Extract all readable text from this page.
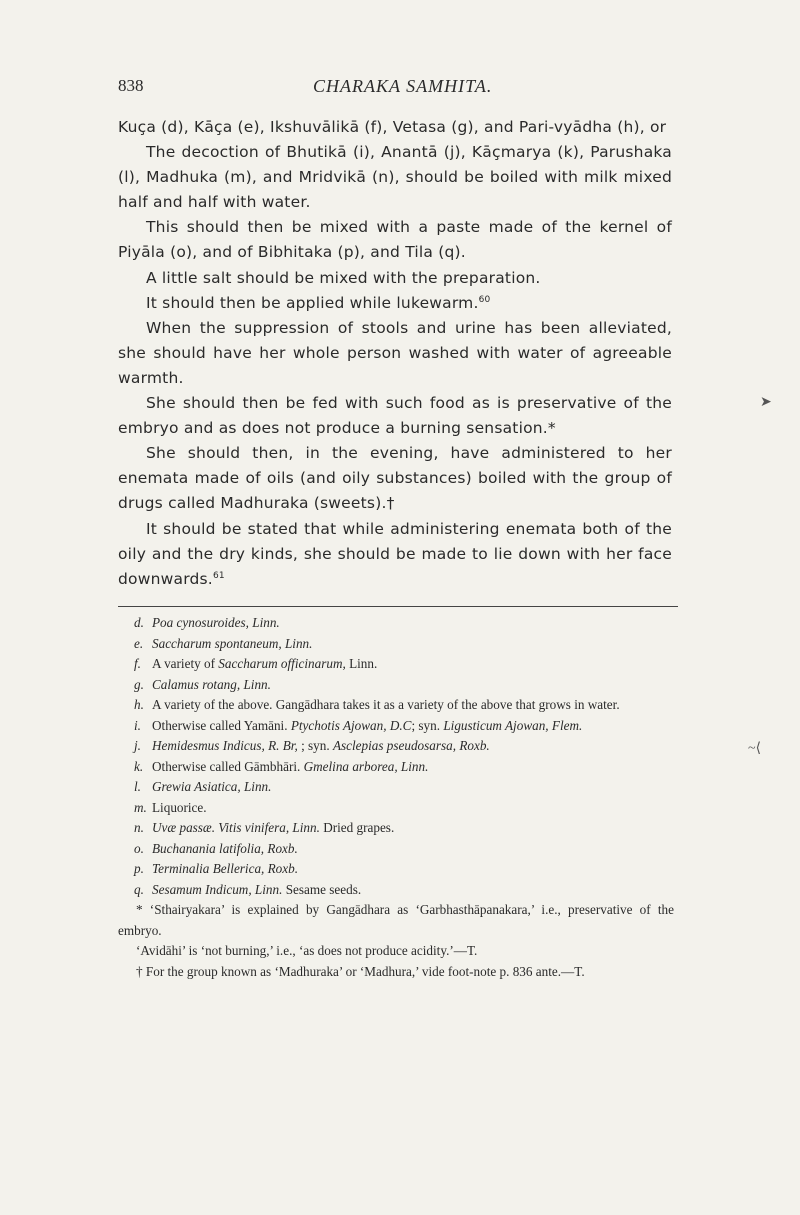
838	CHARAKA SAMHITA.

Kuça (d), Kāça (e), Ikshuvālikā (f), Vetasa (g), and Pari-vyādha (h), or

The decoction of Bhutikā (i), Anantā (j), Kāçmarya (k), Parushaka (l), Madhuka (m), and Mridvikā (n), should be boiled with milk mixed half and half with water.

This should then be mixed with a paste made of the kernel of Piyāla (o), and of Bibhitaka (p), and Tila (q).

A little salt should be mixed with the preparation.

It should then be applied while lukewarm.$^{60}$

When the suppression of stools and urine has been alleviated, she should have her whole person washed with water of agreeable warmth.

She should then be fed with such food as is preservative of the embryo and as does not produce a burning sensation.*

She should then, in the evening, have administered to her enemata made of oils (and oily substances) boiled with the group of drugs called Madhuraka (sweets).†

It should be stated that while administering enemata both of the oily and the dry kinds, she should be made to lie down with her face downwards.$^{61}$

d. Poa cynosuroides, Linn.

e. Saccharum spontaneum, Linn.

f. A variety of Saccharum officinarum, Linn.

g. Calamus rotang, Linn.

h. A variety of the above. Gangādhara takes it as a variety of the above that grows in water.

i. Otherwise called Yamāni. Ptychotis Ajowan, D.C; syn. Ligusticum Ajowan, Flem.

j. Hemidesmus Indicus, R. Br, ; syn. Asclepias pseudosarsa, Roxb.

k. Otherwise called Gāmbhāri. Gmelina arborea, Linn.

l. Grewia Asiatica, Linn.

m. Liquorice.

n. Uvæ passæ. Vitis vinifera, Linn. Dried grapes.

o. Buchanania latifolia, Roxb.

p. Terminalia Bellerica, Roxb.

q. Sesamum Indicum, Linn. Sesame seeds.

* ‘Sthairyakara’ is explained by Gangādhara as ‘Garbhasthāpanakara,’ i.e., preservative of the embryo.

‘Avidāhi’ is ‘not burning,’ i.e., ‘as does not produce acidity.’—T.

† For the group known as ‘Madhuraka’ or ‘Madhura,’ vide foot-note p. 836 ante.—T.

➤
~⟨
